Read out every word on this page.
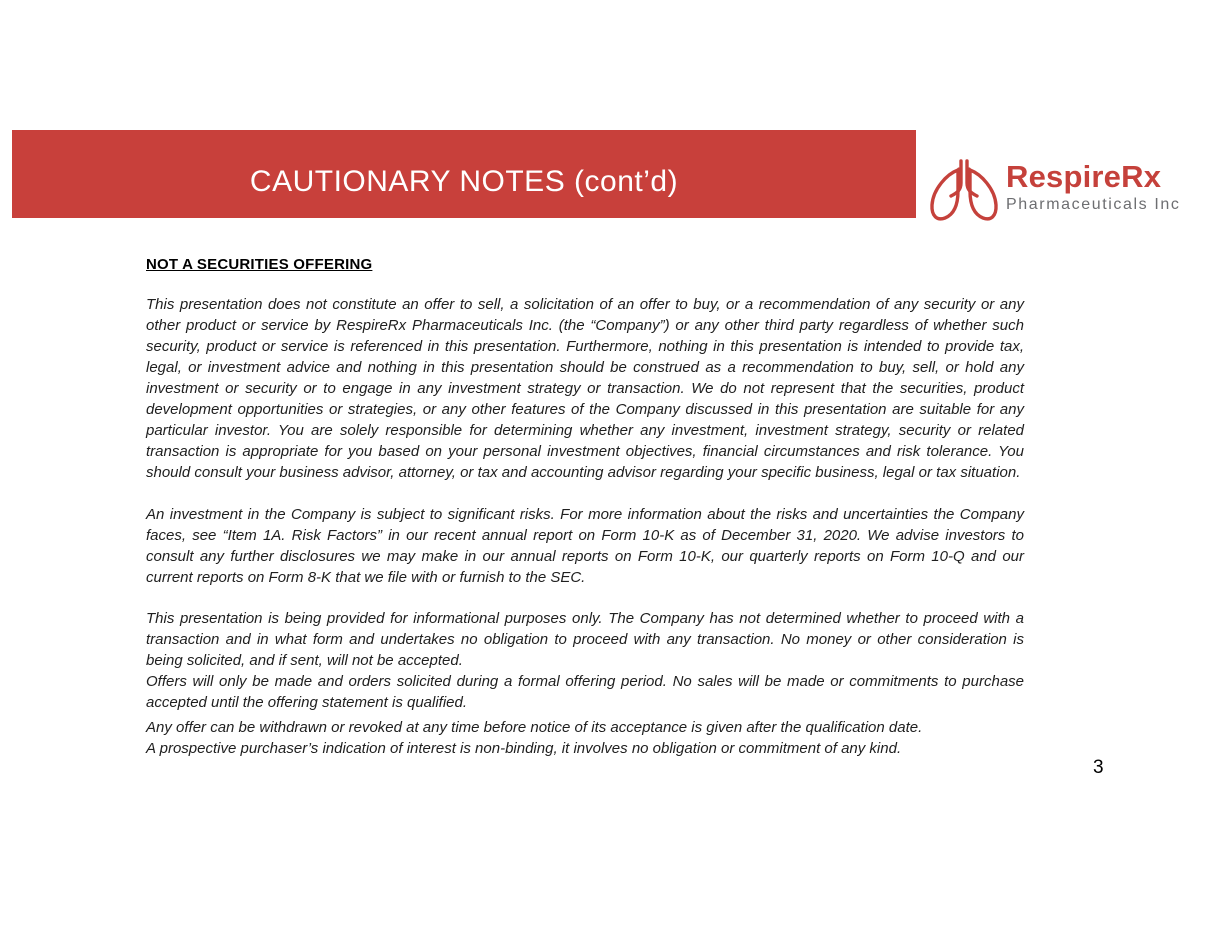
CAUTIONARY NOTES (cont’d)	RespireRx
Pharmaceuticals Inc
NOT A SECURITIES OFFERING

This presentation does not constitute an offer to sell, a solicitation of an offer to buy, or a recommendation of any security or any other product or service by RespireRx Pharmaceuticals Inc. (the “Company”) or any other third party regardless of whether such security, product or service is referenced in this presentation. Furthermore, nothing in this presentation is intended to provide tax, legal, or investment advice and nothing in this presentation should be construed as a recommendation to buy, sell, or hold any investment or security or to engage in any investment strategy or transaction. We do not represent that the securities, product development opportunities or strategies, or any other features of the Company discussed in this presentation are suitable for any particular investor. You are solely responsible for determining whether any investment, investment strategy, security or related transaction is appropriate for you based on your personal investment objectives, financial circumstances and risk tolerance. You should consult your business advisor, attorney, or tax and accounting advisor regarding your specific business, legal or tax situation.

An investment in the Company is subject to significant risks. For more information about the risks and uncertainties the Company faces, see “Item 1A. Risk Factors” in our recent annual report on Form 10-K as of December 31, 2020. We advise investors to consult any further disclosures we may make in our annual reports on Form 10-K, our quarterly reports on Form 10-Q and our current reports on Form 8-K that we file with or furnish to the SEC.

This presentation is being provided for informational purposes only. The Company has not determined whether to proceed with a transaction and in what form and undertakes no obligation to proceed with any transaction. No money or other consideration is being solicited, and if sent, will not be accepted.

Offers will only be made and orders solicited during a formal offering period. No sales will be made or commitments to purchase accepted until the offering statement is qualified.

Any offer can be withdrawn or revoked at any time before notice of its acceptance is given after the qualification date.

A prospective purchaser’s indication of interest is non-binding, it involves no obligation or commitment of any kind.

3
